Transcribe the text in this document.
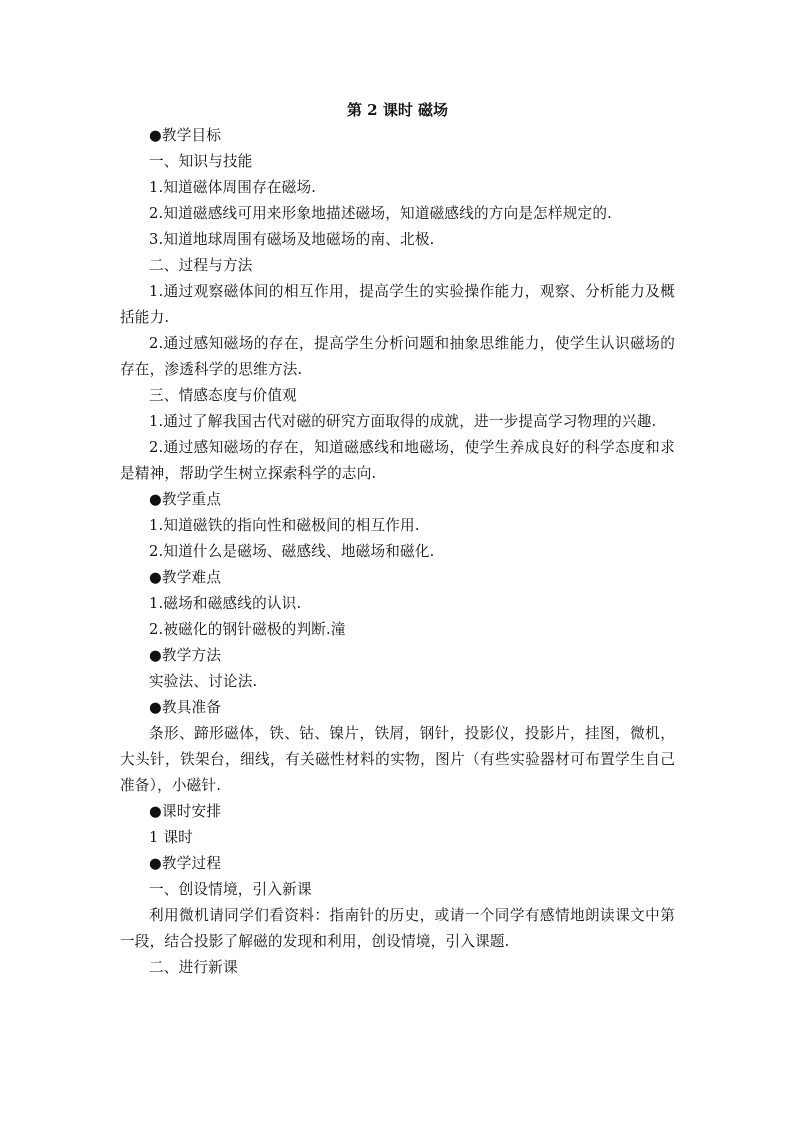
第 2 课时 磁场

●教学目标

一、知识与技能

1.知道磁体周围存在磁场.

2.知道磁感线可用来形象地描述磁场，知道磁感线的方向是怎样规定的.

3.知道地球周围有磁场及地磁场的南、北极.

二、过程与方法

1.通过观察磁体间的相互作用，提高学生的实验操作能力，观察、分析能力及概括能力.

2.通过感知磁场的存在，提高学生分析问题和抽象思维能力，使学生认识磁场的存在，渗透科学的思维方法.

三、情感态度与价值观

1.通过了解我国古代对磁的研究方面取得的成就，进一步提高学习物理的兴趣.

2.通过感知磁场的存在，知道磁感线和地磁场，使学生养成良好的科学态度和求是精神，帮助学生树立探索科学的志向.

●教学重点

1.知道磁铁的指向性和磁极间的相互作用.

2.知道什么是磁场、磁感线、地磁场和磁化.

●教学难点

1.磁场和磁感线的认识.

2.被磁化的钢针磁极的判断.潼

●教学方法

实验法、讨论法.

●教具准备

条形、蹄形磁体，铁、钴、镍片，铁屑，钢针，投影仪，投影片，挂图，微机，大头针，铁架台，细线，有关磁性材料的实物，图片（有些实验器材可布置学生自己准备），小磁针.

●课时安排

1 课时

●教学过程

一、创设情境，引入新课

利用微机请同学们看资料：指南针的历史，或请一个同学有感情地朗读课文中第一段，结合投影了解磁的发现和利用，创设情境，引入课题.

二、进行新课
